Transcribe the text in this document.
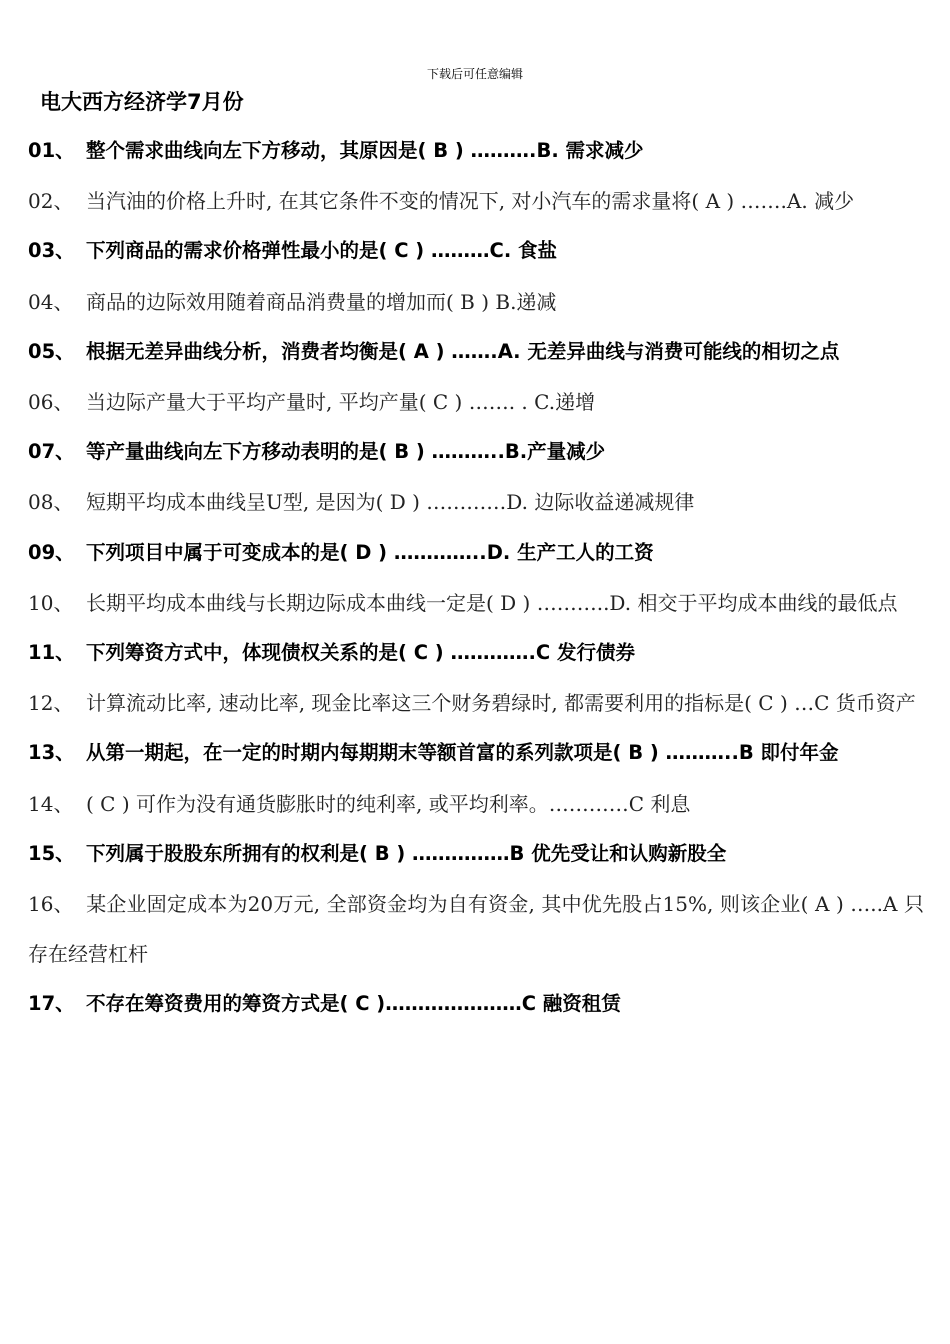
下载后可任意编辑
电大西方经济学7月份
01、 整个需求曲线向左下方移动，其原因是( B ) ……….B. 需求减少
02、 当汽油的价格上升时, 在其它条件不变的情况下, 对小汽车的需求量将( A ) …….A. 减少
03、 下列商品的需求价格弹性最小的是( C ) ………C. 食盐
04、 商品的边际效用随着商品消费量的增加而( B ) B.递减
05、 根据无差异曲线分析，消费者均衡是( A ) …….A. 无差异曲线与消费可能线的相切之点
06、 当边际产量大于平均产量时, 平均产量( C ) ……. . C.递增
07、 等产量曲线向左下方移动表明的是( B ) ………..B.产量减少
08、 短期平均成本曲线呈U型, 是因为( D ) …………D. 边际收益递减规律
09、 下列项目中属于可变成本的是( D ) …………..D. 生产工人的工资
10、 长期平均成本曲线与长期边际成本曲线一定是( D ) ………..D. 相交于平均成本曲线的最低点
11、 下列筹资方式中，体现债权关系的是( C ) ………….C 发行债券
12、 计算流动比率, 速动比率, 现金比率这三个财务碧绿时, 都需要利用的指标是( C ) …C 货币资产
13、 从第一期起，在一定的时期内每期期末等额首富的系列款项是( B ) ………..B 即付年金
14、 ( C ) 可作为没有通货膨胀时的纯利率, 或平均利率。…………C 利息
15、 下列属于股股东所拥有的权利是( B ) ……………B 优先受让和认购新股全
16、 某企业固定成本为20万元, 全部资金均为自有资金, 其中优先股占15%, 则该企业( A ) …..A 只存在经营杠杆
17、 不存在筹资费用的筹资方式是( C )…………………C 融资租赁
